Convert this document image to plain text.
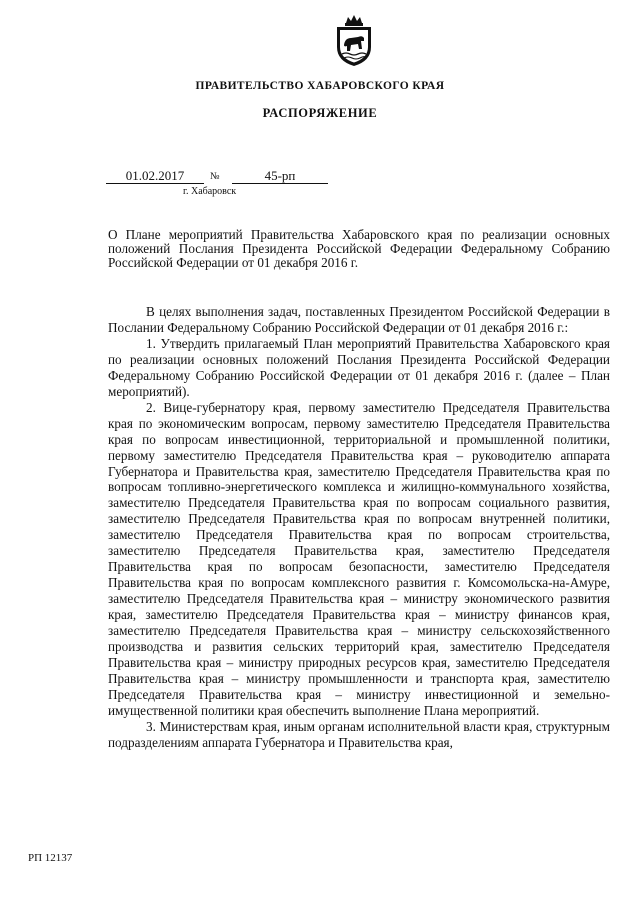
ПРАВИТЕЛЬСТВО ХАБАРОВСКОГО КРАЯ
РАСПОРЯЖЕНИЕ
01.02.2017	№	45-рп
г. Хабаровск
О Плане мероприятий Правительства Хабаровского края по реализации основных положений Послания Президента Российской Федерации Федеральному Собранию Российской Федерации от 01 декабря 2016 г.

В целях выполнения задач, поставленных Президентом Российской Федерации в Послании Федеральному Собранию Российской Федерации от 01 декабря 2016 г.:

1. Утвердить прилагаемый План мероприятий Правительства Хабаровского края по реализации основных положений Послания Президента Российской Федерации Федеральному Собранию Российской Федерации от 01 декабря 2016 г. (далее – План мероприятий).

2. Вице-губернатору края, первому заместителю Председателя Правительства края по экономическим вопросам, первому заместителю Председателя Правительства края по вопросам инвестиционной, территориальной и промышленной политики, первому заместителю Председателя Правительства края – руководителю аппарата Губернатора и Правительства края, заместителю Председателя Правительства края по вопросам топливно-энергетического комплекса и жилищно-коммунального хозяйства, заместителю Председателя Правительства края по вопросам социального развития, заместителю Председателя Правительства края по вопросам внутренней политики, заместителю Председателя Правительства края по вопросам строительства, заместителю Председателя Правительства края, заместителю Председателя Правительства края по вопросам безопасности, заместителю Председателя Правительства края по вопросам комплексного развития г. Комсомольска-на-Амуре, заместителю Председателя Правительства края – министру экономического развития края, заместителю Председателя Правительства края – министру финансов края, заместителю Председателя Правительства края – министру сельскохозяйственного производства и развития сельских территорий края, заместителю Председателя Правительства края – министру природных ресурсов края, заместителю Председателя Правительства края – министру промышленности и транспорта края, заместителю Председателя Правительства края – министру инвестиционной и земельно-имущественной политики края обеспечить выполнение Плана мероприятий.

3. Министерствам края, иным органам исполнительной власти края, структурным подразделениям аппарата Губернатора и Правительства края,

РП 12137
